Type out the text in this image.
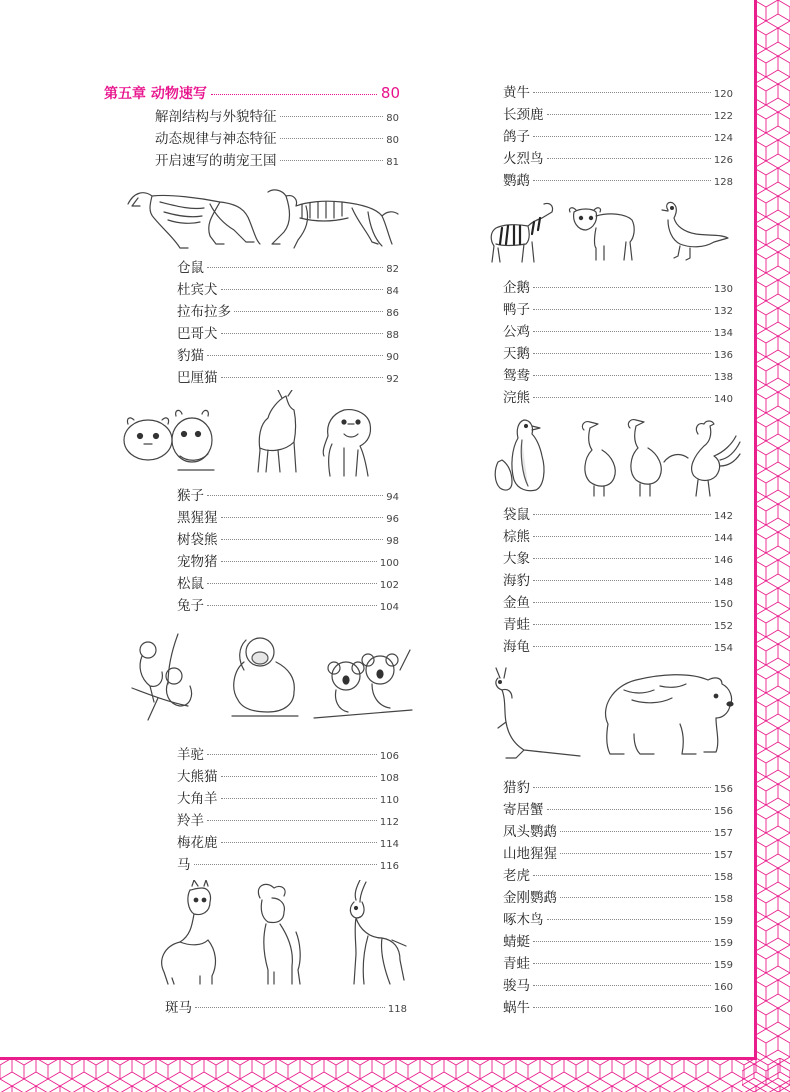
第五章 动物速写	80
解剖结构与外貌特征	80
动态规律与神态特征	80
开启速写的萌宠王国	81
仓鼠	82
杜宾犬	84
拉布拉多	86
巴哥犬	88
豹猫	90
巴厘猫	92
猴子	94
黑猩猩	96
树袋熊	98
宠物猪	100
松鼠	102
兔子	104
羊驼	106
大熊猫	108
大角羊	110
羚羊	112
梅花鹿	114
马	116
斑马	118
黄牛	120
长颈鹿	122
鸽子	124
火烈鸟	126
鹦鹉	128
企鹅	130
鸭子	132
公鸡	134
天鹅	136
鸳鸯	138
浣熊	140
袋鼠	142
棕熊	144
大象	146
海豹	148
金鱼	150
青蛙	152
海龟	154
猎豹	156
寄居蟹	156
凤头鹦鹉	157
山地猩猩	157
老虎	158
金刚鹦鹉	158
啄木鸟	159
蜻蜓	159
青蛙	159
骏马	160
蜗牛	160
